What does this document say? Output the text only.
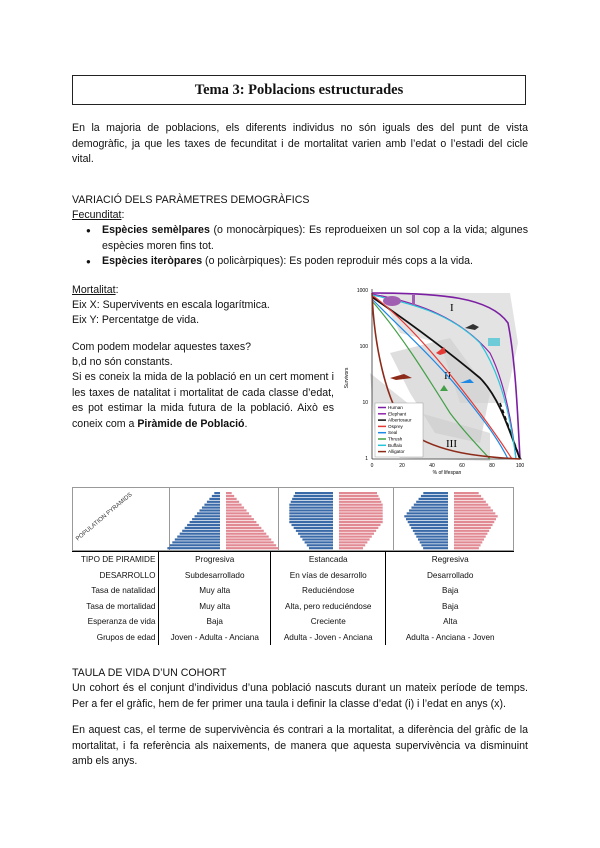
Tema 3: Poblacions estructurades
En la majoria de poblacions, els diferents individus no són iguals des del punt de vista demogràfic, ja que les taxes de fecunditat i de mortalitat varien amb l’edat o l’estadi del cicle vital.
VARIACIÓ DELS PARÀMETRES DEMOGRÀFICS
Fecunditat:
● Espècies semèlpares (o monocàrpiques): Es reprodueixen un sol cop a la vida; algunes espècies moren fins tot.
● Espècies iteròpares (o policàrpiques): Es poden reproduir més cops a la vida.
Mortalitat:
Eix X: Supervivents en escala logarítmica.
Eix Y: Percentatge de vida.
Com podem modelar aquestes taxes?
b,d no són constants.
Si es coneix la mida de la població en un cert moment i les taxes de natalitat i mortalitat de cada classe d’edat, es pot estimar la mida futura de la població. Això es coneix com a Piràmide de Població.
1000
100
10
1
0	20	40	60	80	100
Survivors
% of lifespan
I
II
III
Human
Elephant
Albertosaur
Osprey
Seal
Thrush
Buffalo
Alligator
POPULATION PYRAMIDS
TIPO DE PIRAMIDE	Progresiva	Estancada	Regresiva
DESARROLLO	Subdesarrollado	En vías de desarrollo	Desarrollado
Tasa de natalidad	Muy alta	Reduciéndose	Baja
Tasa de mortalidad	Muy alta	Alta, pero reduciéndose	Baja
Esperanza de vida	Baja	Creciente	Alta
Grupos de edad	Joven - Adulta - Anciana	Adulta - Joven - Anciana	Adulta - Anciana - Joven
TAULA DE VIDA D’UN COHORT
Un cohort és el conjunt d’individus d’una població nascuts durant un mateix període de temps. Per a fer el gràfic, hem de fer primer una taula i definir la classe d’edat (i) i l’edat en anys (x).
En aquest cas, el terme de supervivència és contrari a la mortalitat, a diferència del gràfic de la mortalitat, i fa referència als naixements, de manera que aquesta supervivència va disminuint amb els anys.
